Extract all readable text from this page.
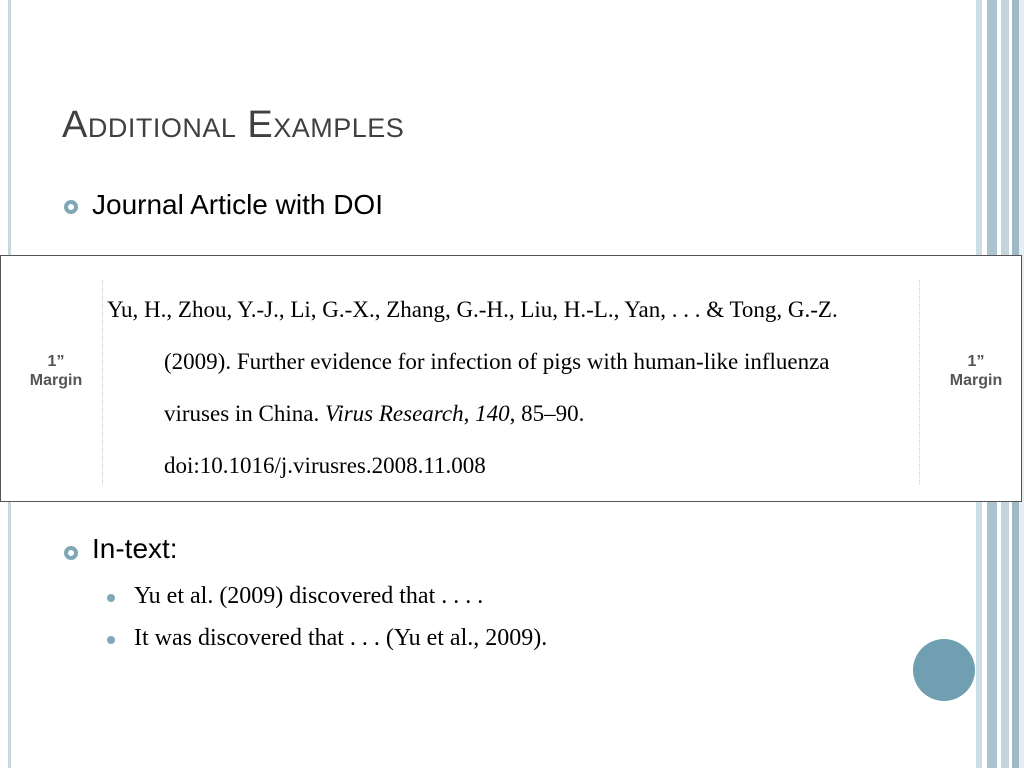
Additional Examples
Journal Article with DOI
1”
Margin
1”
Margin

Yu, H., Zhou, Y.-J., Li, G.-X., Zhang, G.-H., Liu, H.-L., Yan, . . . & Tong, G.-Z. (2009). Further evidence for infection of pigs with human-like influenza viruses in China. Virus Research, 140, 85–90. doi:10.1016/j.virusres.2008.11.008

In-text:
Yu et al. (2009) discovered that . . . .
It was discovered that . . . (Yu et al., 2009).
